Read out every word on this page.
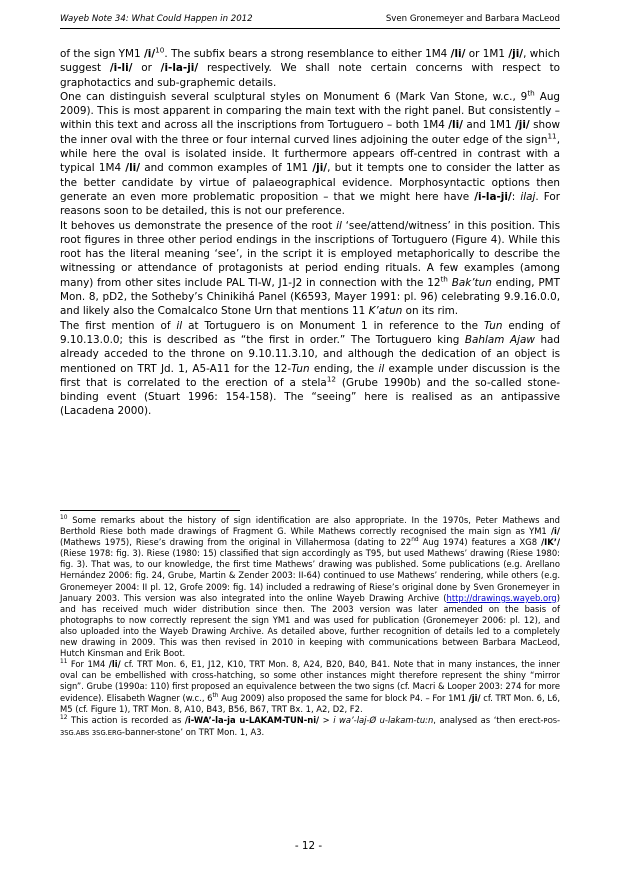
Wayeb Note 34: What Could Happen in 2012	Sven Gronemeyer and Barbara MacLeod

of the sign YM1 /i/$^{10}$. The subfix bears a strong resemblance to either 1M4 /li/ or 1M1 /ji/, which suggest /i-li/ or /i-la-ji/ respectively. We shall note certain concerns with respect to graphotactics and sub-graphemic details.

One can distinguish several sculptural styles on Monument 6 (Mark Van Stone, w.c., 9th Aug 2009). This is most apparent in comparing the main text with the right panel. But consistently – within this text and across all the inscriptions from Tortuguero – both 1M4 /li/ and 1M1 /ji/ show the inner oval with the three or four internal curved lines adjoining the outer edge of the sign$^{11}$, while here the oval is isolated inside. It furthermore appears off-centred in contrast with a typical 1M4 /li/ and common examples of 1M1 /ji/, but it tempts one to consider the latter as the better candidate by virtue of palaeographical evidence. Morphosyntactic options then generate an even more problematic proposition – that we might here have /i-la-ji/: ilaj. For reasons soon to be detailed, this is not our preference.

It behoves us demonstrate the presence of the root il ‘see/attend/witness’ in this position. This root figures in three other period endings in the inscriptions of Tortuguero (Figure 4). While this root has the literal meaning ‘see’, in the script it is employed metaphorically to describe the witnessing or attendance of protagonists at period ending rituals. A few examples (among many) from other sites include PAL TI-W, J1-J2 in connection with the 12th Bak’tun ending, PMT Mon. 8, pD2, the Sotheby’s Chinikihá Panel (K6593, Mayer 1991: pl. 96) celebrating 9.9.16.0.0, and likely also the Comalcalco Stone Urn that mentions 11 K’atun on its rim.

The first mention of il at Tortuguero is on Monument 1 in reference to the Tun ending of 9.10.13.0.0; this is described as “the first in order.” The Tortuguero king Bahlam Ajaw had already acceded to the throne on 9.10.11.3.10, and although the dedication of an object is mentioned on TRT Jd. 1, A5-A11 for the 12-Tun ending, the il example under discussion is the first that is correlated to the erection of a stela$^{12}$ (Grube 1990b) and the so-called stone-binding event (Stuart 1996: 154-158). The “seeing” here is realised as an antipassive (Lacadena 2000).

$^{10}$ Some remarks about the history of sign identification are also appropriate. In the 1970s, Peter Mathews and Berthold Riese both made drawings of Fragment G. While Mathews correctly recognised the main sign as YM1 /i/ (Mathews 1975), Riese’s drawing from the original in Villahermosa (dating to 22nd Aug 1974) features a XG8 /IK’/ (Riese 1978: fig. 3). Riese (1980: 15) classified that sign accordingly as T95, but used Mathews’ drawing (Riese 1980: fig. 3). That was, to our knowledge, the first time Mathews’ drawing was published. Some publications (e.g. Arellano Hernández 2006: fig. 24, Grube, Martin & Zender 2003: II-64) continued to use Mathews’ rendering, while others (e.g. Gronemeyer 2004: II pl. 12, Grofe 2009: fig. 14) included a redrawing of Riese’s original done by Sven Gronemeyer in January 2003. This version was also integrated into the online Wayeb Drawing Archive (http://drawings.wayeb.org) and has received much wider distribution since then. The 2003 version was later amended on the basis of photographs to now correctly represent the sign YM1 and was used for publication (Gronemeyer 2006: pl. 12), and also uploaded into the Wayeb Drawing Archive. As detailed above, further recognition of details led to a completely new drawing in 2009. This was then revised in 2010 in keeping with communications between Barbara MacLeod, Hutch Kinsman and Erik Boot.

$^{11}$ For 1M4 /li/ cf. TRT Mon. 6, E1, J12, K10, TRT Mon. 8, A24, B20, B40, B41. Note that in many instances, the inner oval can be embellished with cross-hatching, so some other instances might therefore represent the shiny “mirror sign”. Grube (1990a: 110) first proposed an equivalence between the two signs (cf. Macri & Looper 2003: 274 for more evidence). Elisabeth Wagner (w.c., 6th Aug 2009) also proposed the same for block P4. – For 1M1 /ji/ cf. TRT Mon. 6, L6, M5 (cf. Figure 1), TRT Mon. 8, A10, B43, B56, B67, TRT Bx. 1, A2, D2, F2.

$^{12}$ This action is recorded as /i-WA’-la-ja u-LAKAM-TUN-ni/ > i wa’-laj-Ø u-lakam-tu:n, analysed as ‘then erect-POS-3SG.ABS 3SG.ERG-banner-stone’ on TRT Mon. 1, A3.

- 12 -
